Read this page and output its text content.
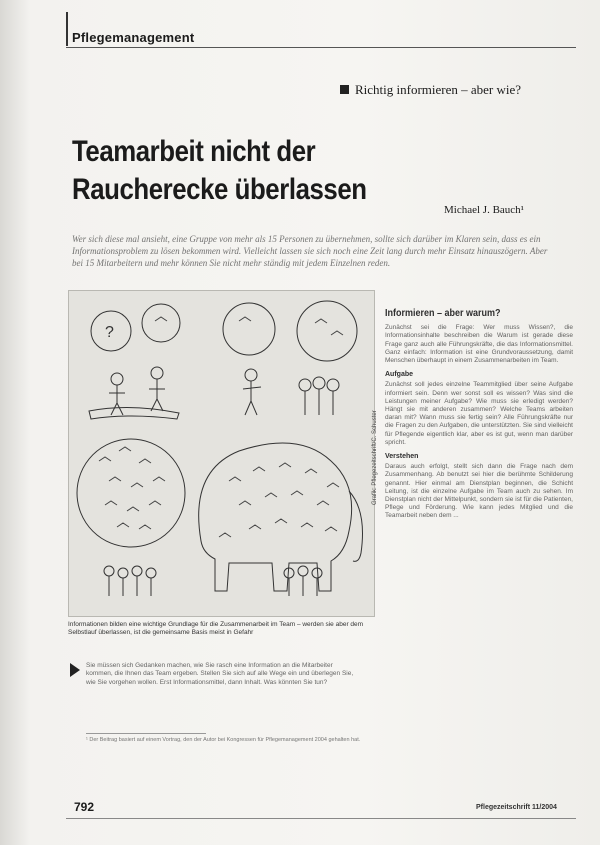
Pflegemanagement
Richtig informieren – aber wie?
Teamarbeit nicht der Raucherecke überlassen
Michael J. Bauch¹
Wer sich diese mal ansieht, eine Gruppe von mehr als 15 Personen zu übernehmen, sollte sich darüber im Klaren sein, dass es ein Informationsproblem zu lösen bekommen wird. Vielleicht lassen sie sich noch eine Zeit lang durch mehr Einsatz hinauszögern. Aber bei 15 Mitarbeitern und mehr können Sie nicht mehr ständig mit jedem Einzelnen reden.
?
Grafik: Pflegezeitschrift/C. Schuster
Informationen bilden eine wichtige Grundlage für die Zusammenarbeit im Team – werden sie aber dem Selbstlauf überlassen, ist die gemeinsame Basis meist in Gefahr
Informieren – aber warum?

Zunächst sei die Frage: Wer muss Wissen?, die Informationsinhalte beschreiben die Warum ist gerade diese Frage ganz auch alle Führungskräfte, die das Informationsmittel. Ganz einfach: Information ist eine Grundvoraussetzung, damit Menschen überhaupt in einem Zusammenarbeiten im Team.

Aufgabe

Zunächst soll jedes einzelne Teammitglied über seine Aufgabe informiert sein. Denn wer sonst soll es wissen? Was sind die Leistungen meiner Aufgabe? Wie muss sie erledigt werden? Hängt sie mit anderen zusammen? Welche Teams arbeiten daran mit? Wann muss sie fertig sein? Alle Führungskräfte nur die Fragen zu den Aufgaben, die unterstützten. Sie sind vielleicht für Pflegende eigentlich klar, aber es ist gut, wenn man darüber spricht.

Verstehen

Daraus auch erfolgt, stellt sich dann die Frage nach dem Zusammenhang. Ab benutzt sei hier die berühmte Schilderung genannt. Hier einmal am Dienstplan beginnen, die Schicht Leitung, ist die einzelne Aufgabe im Team auch zu sehen. Im Dienstplan nicht der Mittelpunkt, sondern sie ist für die Patienten, Pflege und Förderung. Wie kann jedes Mitglied und die Teamarbeit neben dem ...

Sie müssen sich Gedanken machen, wie Sie rasch eine Information an die Mitarbeiter kommen, die Ihnen das Team ergeben. Stellen Sie sich auf alle Wege ein und überlegen Sie, wie Sie vorgehen wollen. Erst Informationsmittel, dann Inhalt. Was könnten Sie tun?
¹ Der Beitrag basiert auf einem Vortrag, den der Autor bei Kongressen für Pflegemanagement 2004 gehalten hat.
792	Pflegezeitschrift 11/2004
